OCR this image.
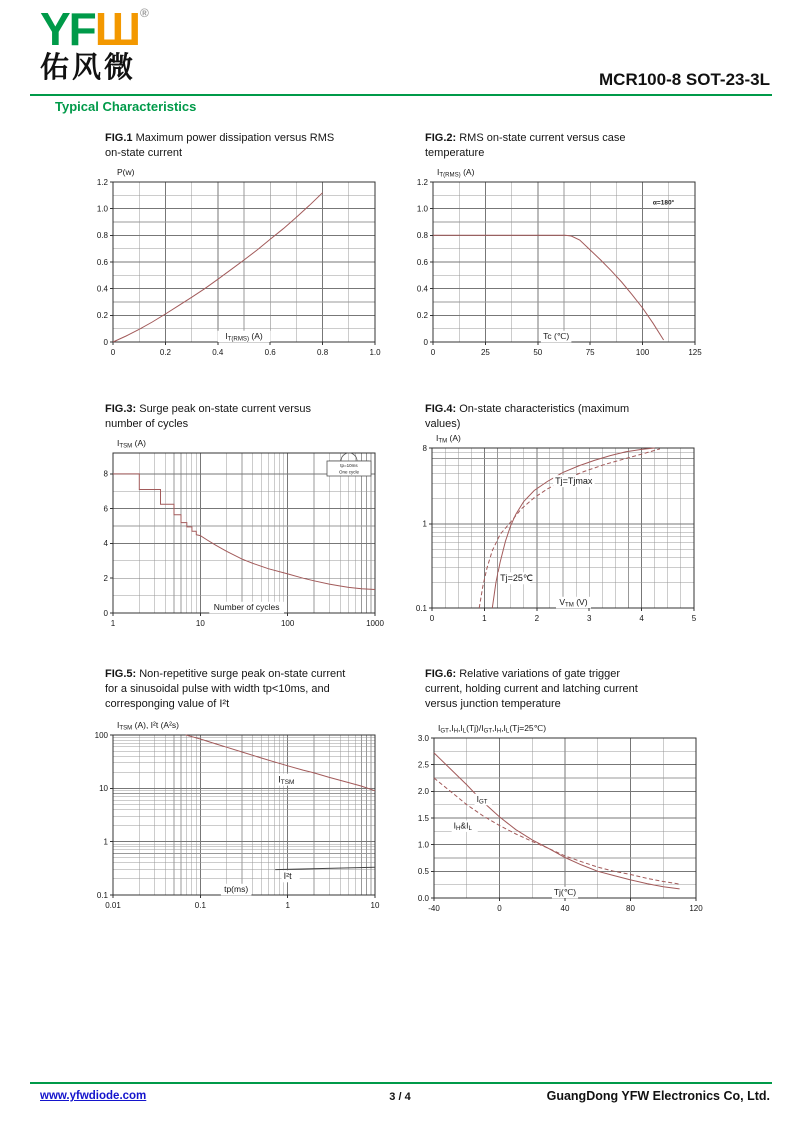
YFШ®
佑风微	MCR100-8 SOT-23-3L
Typical Characteristics
FIG.1 Maximum power dissipation versus RMS
on-state current
FIG.2: RMS on-state current versus case
temperature
FIG.3: Surge peak on-state current versus
number of cycles
FIG.4: On-state characteristics (maximum
values)
FIG.5: Non-repetitive surge peak on-state current
for a sinusoidal pulse with width tp<10ms, and
corresponging value of I²t
FIG.6: Relative variations of gate trigger
current, holding current and latching current
versus junction temperature
IT(RMS) (A)
P(w)
0	0.2	0.4	0.6	0.8	1.0
0
0.2
0.4
0.6
0.8
1.0
1.2
α=180°
Tc (℃)
IT(RMS) (A)
0	25	50	75	100	125
0
0.2
0.4
0.6
0.8
1.0
1.2
Number of cycles
ITSM (A)
1	10	100	1000
0
2
4
6
8
tp=10ms
One cycle
Tj=Tjmax
Tj=25℃
VTM (V)
ITM (A)
0	1	2	3	4	5
0.1
1
8
ITSM
I²t
tp(ms)
ITSM (A), I²t (A²s)
0.01	0.1	1	10
0.1
1
10
100
IGT
IH&IL
Tj(℃)
IGT,IH,IL(Tj)/IGT,IH,IL(Tj=25℃)
-40	0	40	80	120
0.0
0.5
1.0
1.5
2.0
2.5
3.0
www.yfwdiode.com	3 / 4	GuangDong YFW Electronics Co, Ltd.
